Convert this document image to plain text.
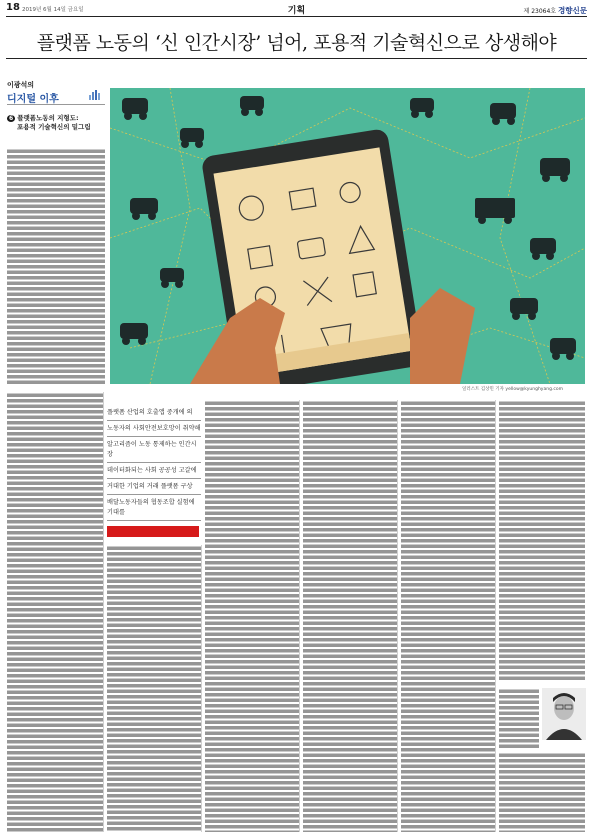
18 2019년 6월 14일 금요일	기획	제 23064호 경향신문
플랫폼 노동의 ‘신 인간시장’ 넘어, 포용적 기술혁신으로 상생해야
이광석의
디지털 이후
6 플랫폼노동의 지형도:
포용적 기술혁신의 밑그림
일러스트 김상민 기자 yellow@kyunghyang.com

플랫폼 산업의 호출앱 중개에 의

노동자의 사회안전보호망이 취약해

알고리즘이 노동 통제하는 인간시장

데이터화되는 사회 공공성 고갈에

거대한 기업의 거래 플랫폼 구상

배달노동자들의 협동조합 실험에 기대를
